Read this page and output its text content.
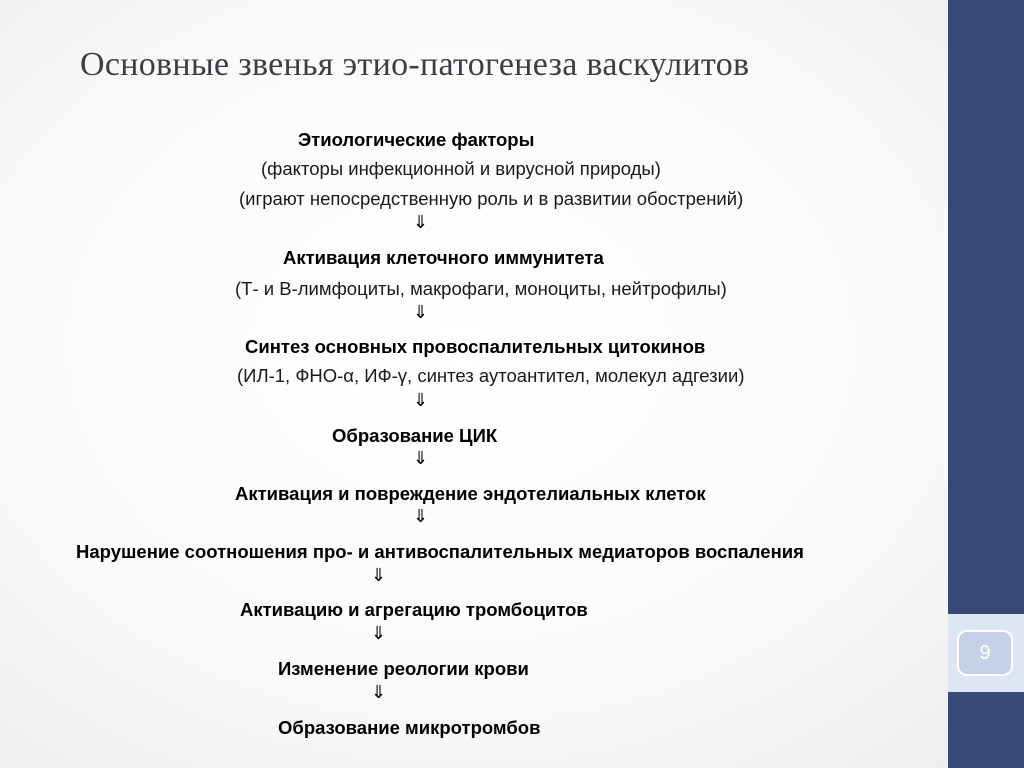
Основные звенья этио-патогенеза васкулитов
Этиологические факторы
(факторы инфекционной и вирусной природы)
(играют непосредственную роль и в развитии обострений)
⇓
Активация клеточного иммунитета
(Т- и В-лимфоциты, макрофаги, моноциты, нейтрофилы)
⇓
Синтез основных провоспалительных цитокинов
(ИЛ-1, ФНО-α, ИФ-γ, синтез аутоантител, молекул адгезии)
⇓
Образование ЦИК
⇓
Активация и повреждение эндотелиальных клеток
⇓
Нарушение соотношения про- и антивоспалительных медиаторов воспаления
⇓
Активацию и агрегацию тромбоцитов
⇓
Изменение реологии крови
⇓
Образование микротромбов
9
